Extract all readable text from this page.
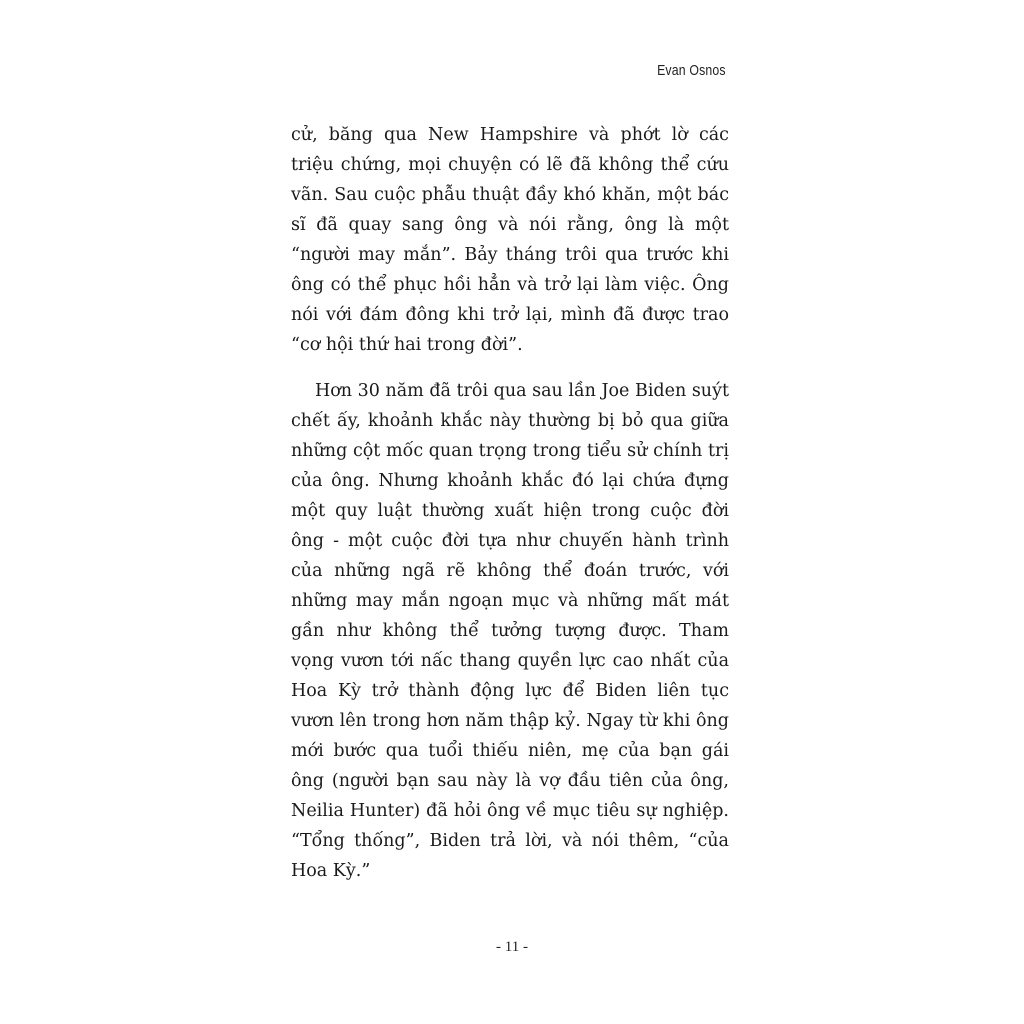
Evan Osnos

cử, băng qua New Hampshire và phớt lờ các triệu chứng, mọi chuyện có lẽ đã không thể cứu vãn. Sau cuộc phẫu thuật đầy khó khăn, một bác sĩ đã quay sang ông và nói rằng, ông là một “người may mắn”. Bảy tháng trôi qua trước khi ông có thể phục hồi hẳn và trở lại làm việc. Ông nói với đám đông khi trở lại, mình đã được trao “cơ hội thứ hai trong đời”.

Hơn 30 năm đã trôi qua sau lần Joe Biden suýt chết ấy, khoảnh khắc này thường bị bỏ qua giữa những cột mốc quan trọng trong tiểu sử chính trị của ông. Nhưng khoảnh khắc đó lại chứa đựng một quy luật thường xuất hiện trong cuộc đời ông - một cuộc đời tựa như chuyến hành trình của những ngã rẽ không thể đoán trước, với những may mắn ngoạn mục và những mất mát gần như không thể tưởng tượng được. Tham vọng vươn tới nấc thang quyền lực cao nhất của Hoa Kỳ trở thành động lực để Biden liên tục vươn lên trong hơn năm thập kỷ. Ngay từ khi ông mới bước qua tuổi thiếu niên, mẹ của bạn gái ông (người bạn sau này là vợ đầu tiên của ông, Neilia Hunter) đã hỏi ông về mục tiêu sự nghiệp. “Tổng thống”, Biden trả lời, và nói thêm, “của Hoa Kỳ.”

- 11 -
